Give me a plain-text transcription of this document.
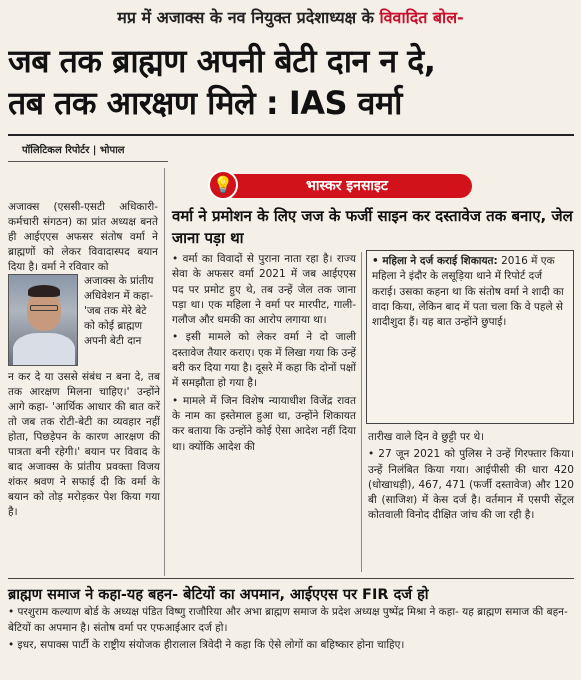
मप्र में अजाक्स के नव नियुक्त प्रदेशाध्यक्ष के विवादित बोल-
जब तक ब्राह्मण अपनी बेटी दान न दे,
तब तक आरक्षण मिले : IAS वर्मा
पॉलिटिकल रिपोर्टर | भोपाल
अजाक्स (एससी-एसटी अधिकारी-कर्मचारी संगठन) का प्रांत अध्यक्ष बनते ही आईएएस अफसर संतोष वर्मा ने ब्राह्मणों को लेकर विवादास्पद बयान दिया है। वर्मा ने रविवार को
अजाक्स के प्रांतीय अधिवेशन में कहा- 'जब तक मेरे बेटे को कोई ब्राह्मण अपनी बेटी दान
न कर दे या उससे संबंध न बना दे, तब तक आरक्षण मिलना चाहिए।' उन्होंने आगे कहा- 'आर्थिक आधार की बात करें तो जब तक रोटी-बेटी का व्यवहार नहीं होता, पिछड़ेपन के कारण आरक्षण की पात्रता बनी रहेगी।' बयान पर विवाद के बाद अजाक्स के प्रांतीय प्रवक्ता विजय शंकर श्रवण ने सफाई दी कि वर्मा के बयान को तोड़ मरोड़कर पेश किया गया है।
भास्कर इनसाइट
💡
वर्मा ने प्रमोशन के लिए जज के फर्जी साइन कर दस्तावेज तक बनाए, जेल जाना पड़ा था

• वर्मा का विवादों से पुराना नाता रहा है। राज्य सेवा के अफसर वर्मा 2021 में जब आईएएस पद पर प्रमोट हुए थे, तब उन्हें जेल तक जाना पड़ा था। एक महिला ने वर्मा पर मारपीट, गाली-गलौज और धमकी का आरोप लगाया था।

• इसी मामले को लेकर वर्मा ने दो जाली दस्तावेज तैयार कराए। एक में लिखा गया कि उन्हें बरी कर दिया गया है। दूसरे में कहा कि दोनों पक्षों में समझौता हो गया है।

• मामले में जिन विशेष न्यायाधीश विजेंद्र रावत के नाम का इस्तेमाल हुआ था, उन्होंने शिकायत कर बताया कि उन्होंने कोई ऐसा आदेश नहीं दिया था। क्योंकि आदेश की

• महिला ने दर्ज कराई शिकायत: 2016 में एक महिला ने इंदौर के लसूड़िया थाने में रिपोर्ट दर्ज कराई। उसका कहना था कि संतोष वर्मा ने शादी का वादा किया, लेकिन बाद में पता चला कि वे पहले से शादीशुदा हैं। यह बात उन्होंने छुपाई।

तारीख वाले दिन वे छुट्टी पर थे।

• 27 जून 2021 को पुलिस ने उन्हें गिरफ्तार किया। उन्हें निलंबित किया गया। आईपीसी की धारा 420 (धोखाधड़ी), 467, 471 (फर्जी दस्तावेज) और 120 बी (साजिश) में केस दर्ज है। वर्तमान में एसपी सेंट्रल कोतवाली विनोद दीक्षित जांच की जा रही है।

ब्राह्मण समाज ने कहा-यह बहन- बेटियों का अपमान, आईएएस पर FIR दर्ज हो

• परशुराम कल्याण बोर्ड के अध्यक्ष पंडित विष्णु राजौरिया और अभा ब्राह्मण समाज के प्रदेश अध्यक्ष पुष्पेंद्र मिश्रा ने कहा- यह ब्राह्मण समाज की बहन-बेटियों का अपमान है। संतोष वर्मा पर एफआईआर दर्ज हो।

• इधर, सपाक्स पार्टी के राष्ट्रीय संयोजक हीरालाल त्रिवेदी ने कहा कि ऐसे लोगों का बहिष्कार होना चाहिए।
